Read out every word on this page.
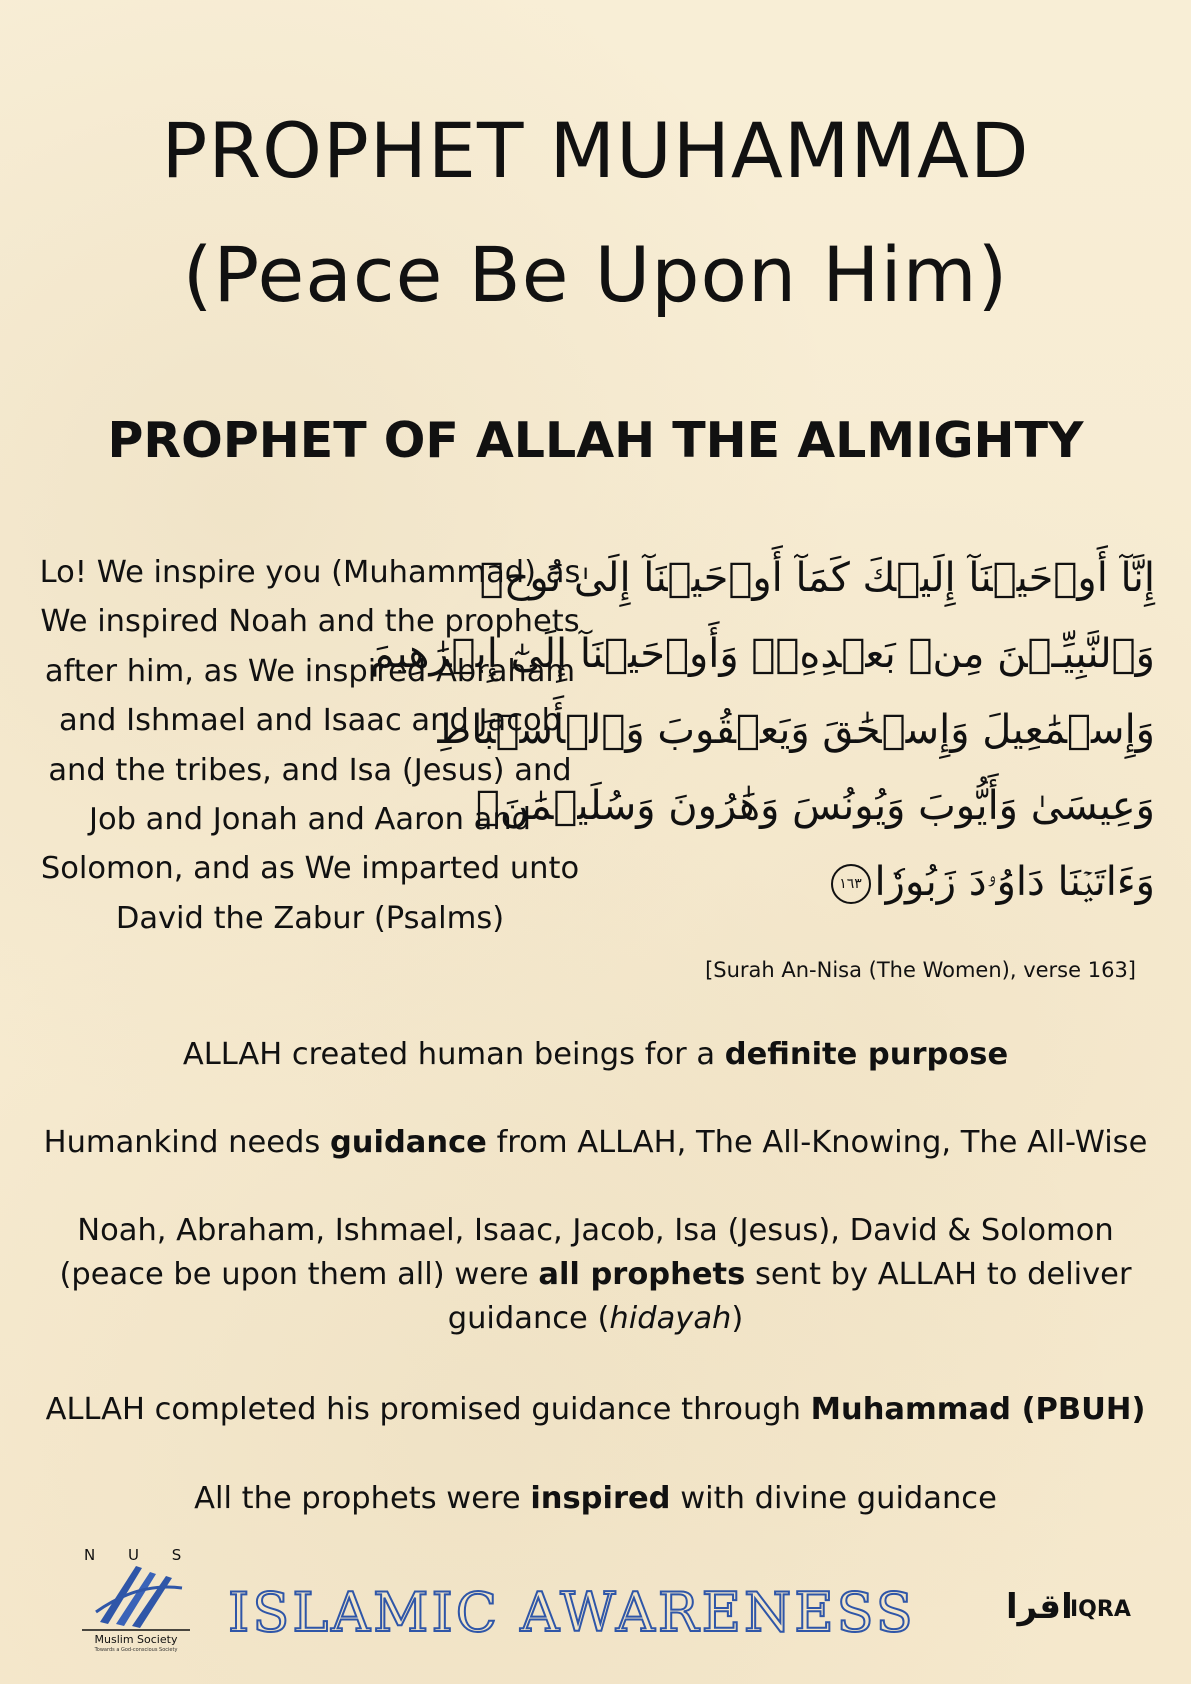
PROPHET MUHAMMAD
(Peace Be Upon Him)
PROPHET OF ALLAH THE ALMIGHTY
Lo! We inspire you (Muhammad) as We inspired Noah and the prophets after him, as We inspired Abraham and Ishmael and Isaac and Jacob and the tribes, and Isa (Jesus) and Job and Jonah and Aaron and Solomon, and as We imparted unto David the Zabur (Psalms)
إِنَّآ أَوۡحَيۡنَآ إِلَيۡكَ كَمَآ أَوۡحَيۡنَآ إِلَىٰ نُوحٖ
وَٱلنَّبِيِّـۧنَ مِنۢ بَعۡدِهِۦۚ وَأَوۡحَيۡنَآ إِلَىٰٓ إِبۡرَٰهِيمَ
وَإِسۡمَٰعِيلَ وَإِسۡحَٰقَ وَيَعۡقُوبَ وَٱلۡأَسۡبَاطِ
وَعِيسَىٰ وَأَيُّوبَ وَيُونُسَ وَهَٰرُونَ وَسُلَيۡمَٰنَۚ
وَءَاتَيۡنَا دَاوُۥدَ زَبُورٗا١٦٣
[Surah An-Nisa (The Women), verse 163]
ALLAH created human beings for a definite purpose
Humankind needs guidance from ALLAH, The All-Knowing, The All-Wise
Noah, Abraham, Ishmael, Isaac, Jacob, Isa (Jesus), David & Solomon
(peace be upon them all) were all prophets sent by ALLAH to deliver
guidance (hidayah)
ALLAH completed his promised guidance through Muhammad (PBUH)
All the prophets were inspired with divine guidance
N U S
Muslim Society
Towards a God-conscious Society
ISLAMIC AWARENESS	اقرا
IQRA
